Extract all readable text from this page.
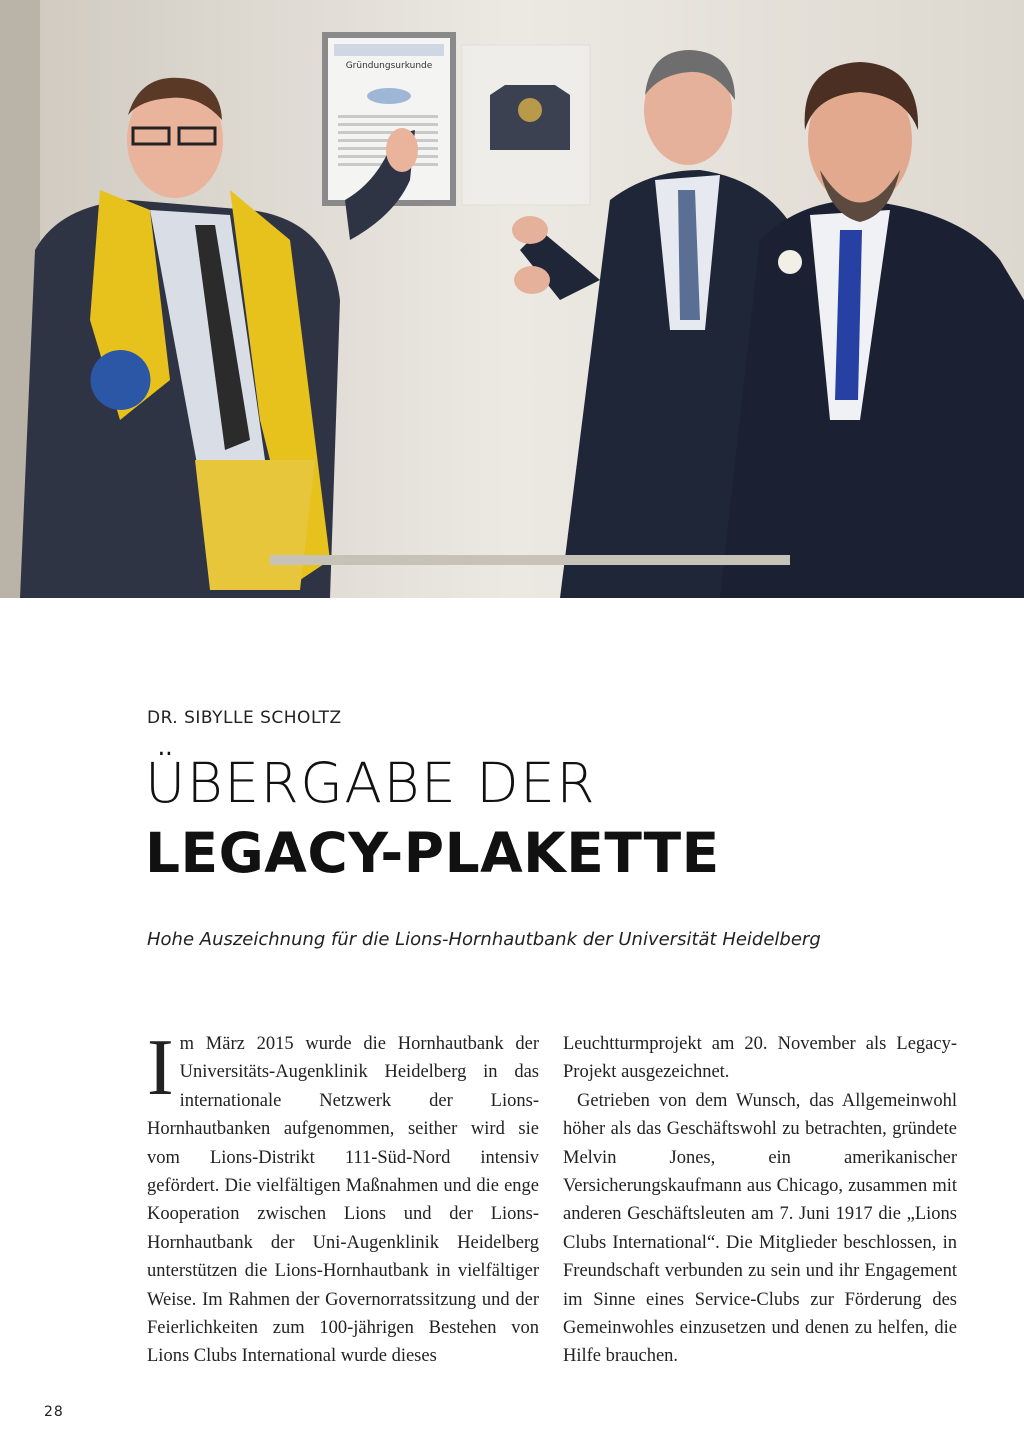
Gründungsurkunde

DR. SIBYLLE SCHOLTZ

ÜBERGABE DER
LEGACY-PLAKETTE

Hohe Auszeichnung für die Lions-Hornhautbank der Universität Heidelberg

Im März 2015 wurde die Hornhautbank der Universitäts-Augenklinik Heidelberg in das internationale Netzwerk der Lions-Hornhautbanken aufgenommen, seither wird sie vom Lions-Distrikt 111-Süd-Nord intensiv gefördert. Die vielfältigen Maßnahmen und die enge Kooperation zwischen Lions und der Lions-Hornhautbank der Uni-Augenklinik Heidelberg unterstützen die Lions-Hornhautbank in vielfältiger Weise. Im Rahmen der Governorratssitzung und der Feierlichkeiten zum 100-jährigen Bestehen von Lions Clubs International wurde dieses

Leuchtturmprojekt am 20. November als Legacy-Projekt ausgezeichnet.

Getrieben von dem Wunsch, das Allgemeinwohl höher als das Geschäftswohl zu betrachten, gründete Melvin Jones, ein amerikanischer Versicherungskaufmann aus Chicago, zusammen mit anderen Geschäftsleuten am 7. Juni 1917 die „Lions Clubs International“. Die Mitglieder beschlossen, in Freundschaft verbunden zu sein und ihr Engagement im Sinne eines Service-Clubs zur Förderung des Gemeinwohles einzusetzen und denen zu helfen, die Hilfe brauchen.

28
